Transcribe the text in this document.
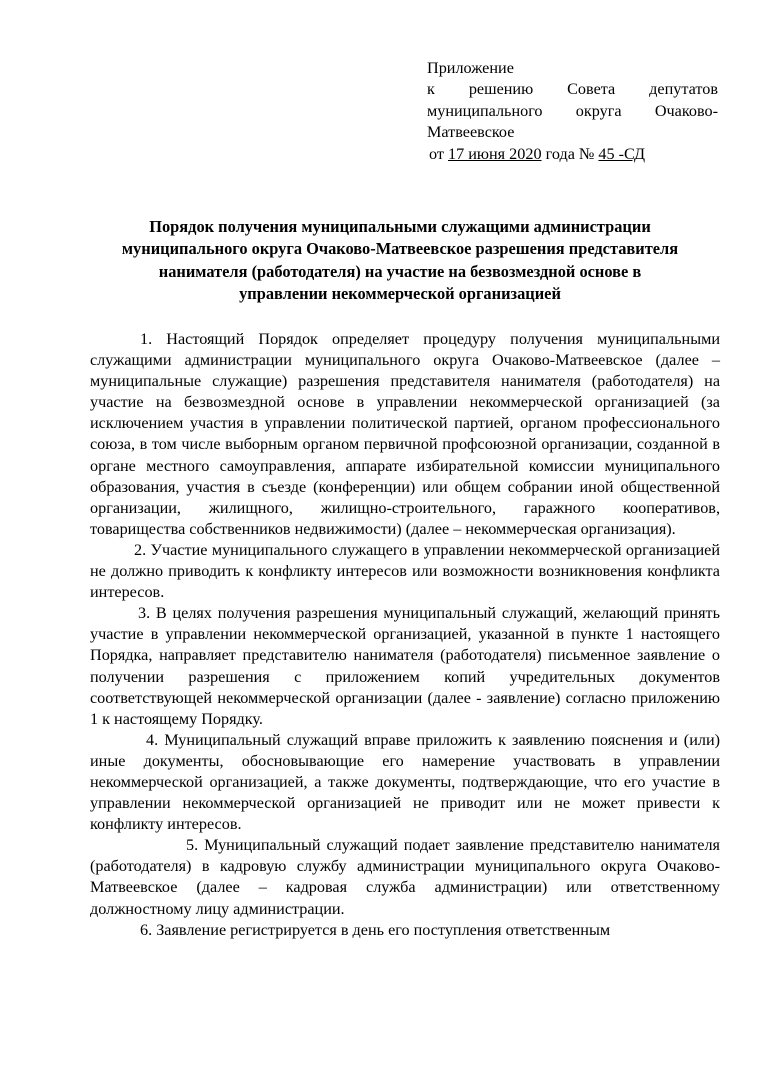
Приложение
к решению Совета депутатов муниципального округа Очаково-Матвеевское
от 17 июня 2020 года № 45 -СД
Порядок получения муниципальными служащими администрации
муниципального округа Очаково-Матвеевское разрешения представителя
нанимателя (работодателя) на участие на безвозмездной основе в
управлении некоммерческой организацией

1. Настоящий Порядок определяет процедуру получения муниципальными служащими администрации муниципального округа Очаково-Матвеевское (далее – муниципальные служащие) разрешения представителя нанимателя (работодателя) на участие на безвозмездной основе в управлении некоммерческой организацией (за исключением участия в управлении политической партией, органом профессионального союза, в том числе выборным органом первичной профсоюзной организации, созданной в органе местного самоуправления, аппарате избирательной комиссии муниципального образования, участия в съезде (конференции) или общем собрании иной общественной организации, жилищного, жилищно-строительного, гаражного кооперативов, товарищества собственников недвижимости) (далее – некоммерческая организация).

2. Участие муниципального служащего в управлении некоммерческой организацией не должно приводить к конфликту интересов или возможности возникновения конфликта интересов.

3. В целях получения разрешения муниципальный служащий, желающий принять участие в управлении некоммерческой организацией, указанной в пункте 1 настоящего Порядка, направляет представителю нанимателя (работодателя) письменное заявление о получении разрешения с приложением копий учредительных документов соответствующей некоммерческой организации (далее - заявление) согласно приложению 1 к настоящему Порядку.

4. Муниципальный служащий вправе приложить к заявлению пояснения и (или) иные документы, обосновывающие его намерение участвовать в управлении некоммерческой организацией, а также документы, подтверждающие, что его участие в управлении некоммерческой организацией не приводит или не может привести к конфликту интересов.

5. Муниципальный служащий подает заявление представителю нанимателя (работодателя) в кадровую службу администрации муниципального округа Очаково-Матвеевское (далее – кадровая служба администрации) или ответственному должностному лицу администрации.

6. Заявление регистрируется в день его поступления ответственным
